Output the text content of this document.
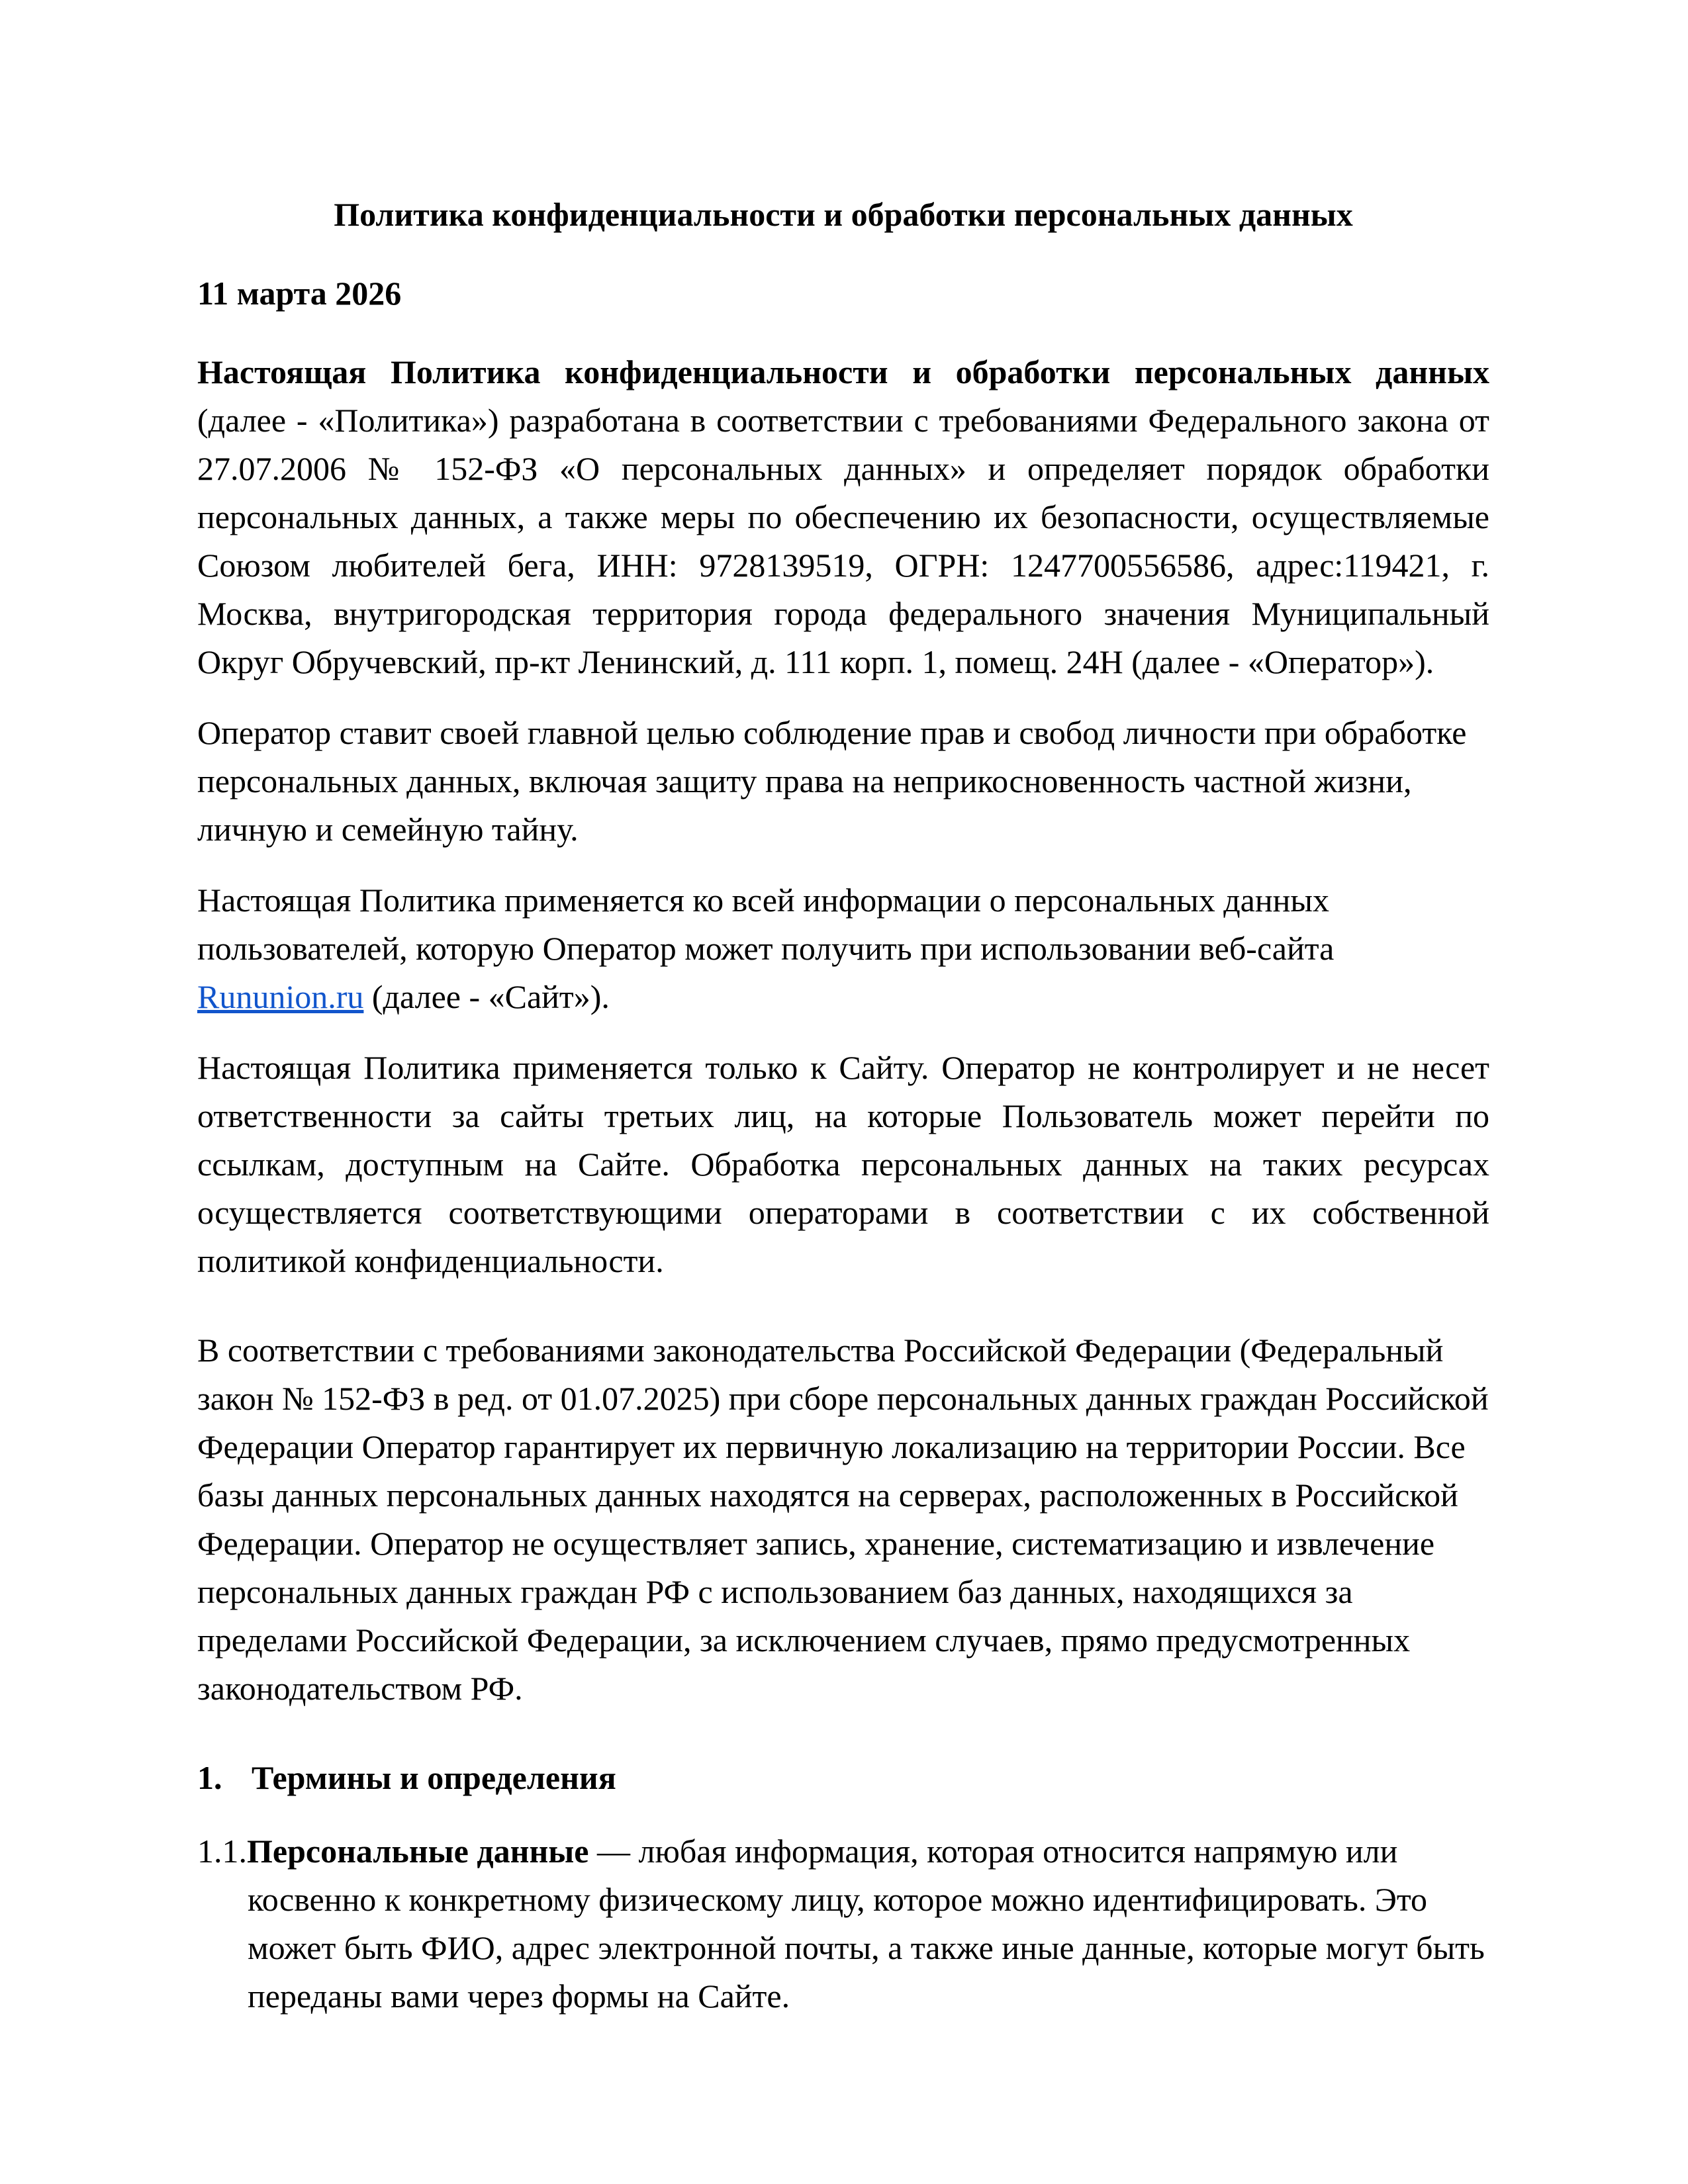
Политика конфиденциальности и обработки персональных данных

11 марта 2026

Настоящая Политика конфиденциальности и обработки персональных данных (далее - «Политика») разработана в соответствии с требованиями Федерального закона от 27.07.2006 № 152-ФЗ «О персональных данных» и определяет порядок обработки персональных данных, а также меры по обеспечению их безопасности, осуществляемые Союзом любителей бега, ИНН: 9728139519, ОГРН: 1247700556586, адрес:119421, г. Москва, внутригородская территория города федерального значения Муниципальный Округ Обручевский, пр-кт Ленинский, д. 111 корп. 1, помещ. 24Н (далее - «Оператор»).

Оператор ставит своей главной целью соблюдение прав и свобод личности при обработке персональных данных, включая защиту права на неприкосновенность частной жизни, личную и семейную тайну.

Настоящая Политика применяется ко всей информации о персональных данных пользователей, которую Оператор может получить при использовании веб-сайта Rununion.ru (далее - «Сайт»).

Настоящая Политика применяется только к Сайту. Оператор не контролирует и не несет ответственности за сайты третьих лиц, на которые Пользователь может перейти по ссылкам, доступным на Сайте. Обработка персональных данных на таких ресурсах осуществляется соответствующими операторами в соответствии с их собственной политикой конфиденциальности.

В соответствии с требованиями законодательства Российской Федерации (Федеральный закон № 152-ФЗ в ред. от 01.07.2025) при сборе персональных данных граждан Российской Федерации Оператор гарантирует их первичную локализацию на территории России. Все базы данных персональных данных находятся на серверах, расположенных в Российской Федерации. Оператор не осуществляет запись, хранение, систематизацию и извлечение персональных данных граждан РФ с использованием баз данных, находящихся за пределами Российской Федерации, за исключением случаев, прямо предусмотренных законодательством РФ.

1. Термины и определения

1.1.Персональные данные — любая информация, которая относится напрямую или косвенно к конкретному физическому лицу, которое можно идентифицировать. Это может быть ФИО, адрес электронной почты, а также иные данные, которые могут быть переданы вами через формы на Сайте.
